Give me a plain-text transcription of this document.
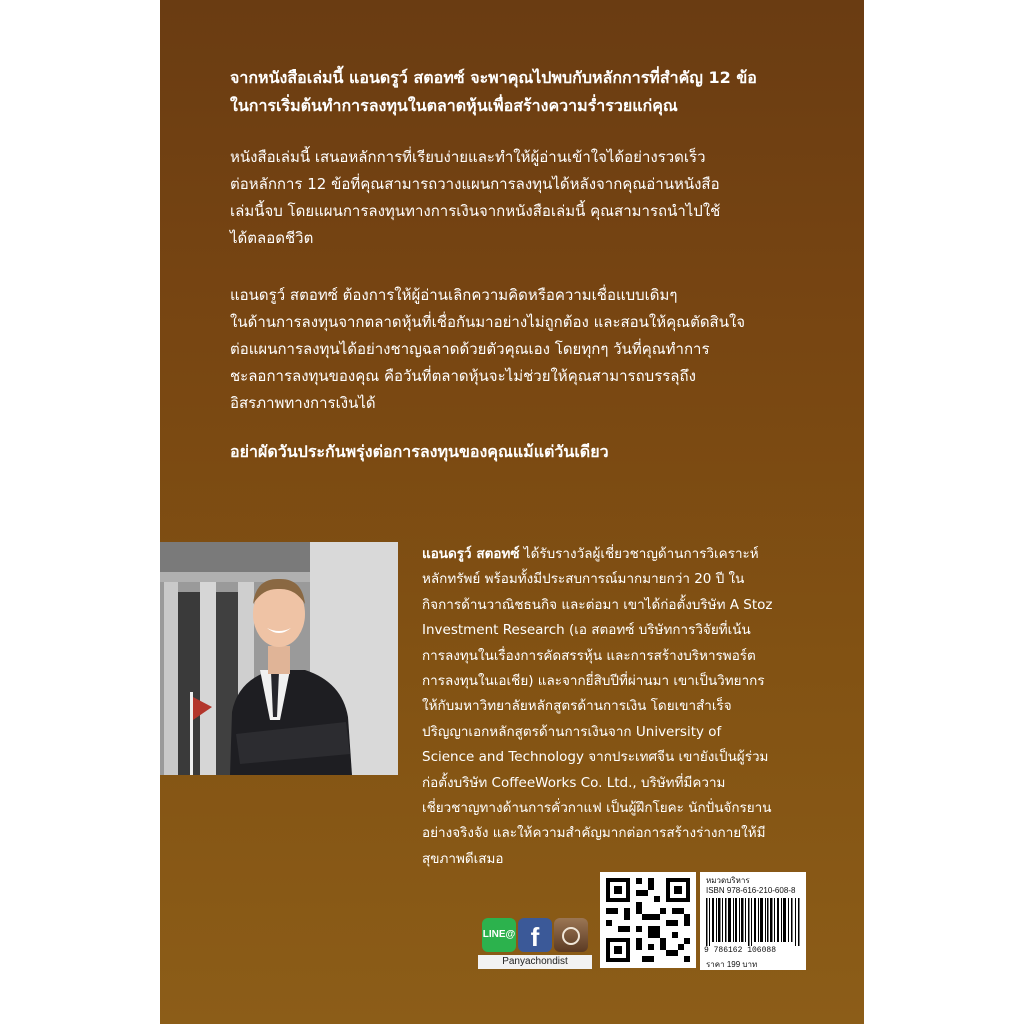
จากหนังสือเล่มนี้ แอนดรูว์ สตอทซ์ จะพาคุณไปพบกับหลักการที่สำคัญ 12 ข้อ
ในการเริ่มต้นทำการลงทุนในตลาดหุ้นเพื่อสร้างความร่ำรวยแก่คุณ

หนังสือเล่มนี้ เสนอหลักการที่เรียบง่ายและทำให้ผู้อ่านเข้าใจได้อย่างรวดเร็ว
ต่อหลักการ 12 ข้อที่คุณสามารถวางแผนการลงทุนได้หลังจากคุณอ่านหนังสือ
เล่มนี้จบ โดยแผนการลงทุนทางการเงินจากหนังสือเล่มนี้ คุณสามารถนำไปใช้
ได้ตลอดชีวิต

แอนดรูว์ สตอทซ์ ต้องการให้ผู้อ่านเลิกความคิดหรือความเชื่อแบบเดิมๆ
ในด้านการลงทุนจากตลาดหุ้นที่เชื่อกันมาอย่างไม่ถูกต้อง และสอนให้คุณตัดสินใจ
ต่อแผนการลงทุนได้อย่างชาญฉลาดด้วยตัวคุณเอง โดยทุกๆ วันที่คุณทำการ
ชะลอการลงทุนของคุณ คือวันที่ตลาดหุ้นจะไม่ช่วยให้คุณสามารถบรรลุถึง
อิสรภาพทางการเงินได้

อย่าผัดวันประกันพรุ่งต่อการลงทุนของคุณแม้แต่วันเดียว

แอนดรูว์ สตอทซ์ ได้รับรางวัลผู้เชี่ยวชาญด้านการวิเคราะห์
หลักทรัพย์ พร้อมทั้งมีประสบการณ์มากมายกว่า 20 ปี ใน
กิจการด้านวาณิชธนกิจ และต่อมา เขาได้ก่อตั้งบริษัท A Stoz
Investment Research (เอ สตอทซ์ บริษัทการวิจัยที่เน้น
การลงทุนในเรื่องการคัดสรรหุ้น และการสร้างบริหารพอร์ต
การลงทุนในเอเชีย) และจากยี่สิบปีที่ผ่านมา เขาเป็นวิทยากร
ให้กับมหาวิทยาลัยหลักสูตรด้านการเงิน โดยเขาสำเร็จ
ปริญญาเอกหลักสูตรด้านการเงินจาก University of
Science and Technology จากประเทศจีน เขายังเป็นผู้ร่วม
ก่อตั้งบริษัท CoffeeWorks Co. Ltd., บริษัทที่มีความ
เชี่ยวชาญทางด้านการคั่วกาแฟ เป็นผู้ฝึกโยคะ นักปั่นจักรยาน
อย่างจริงจัง และให้ความสำคัญมากต่อการสร้างร่างกายให้มี
สุขภาพดีเสมอ

LINE@ f
Panyachondist
หมวดบริหาร
ISBN 978-616-210-608-8
9 786162 106088
ราคา 199 บาท
